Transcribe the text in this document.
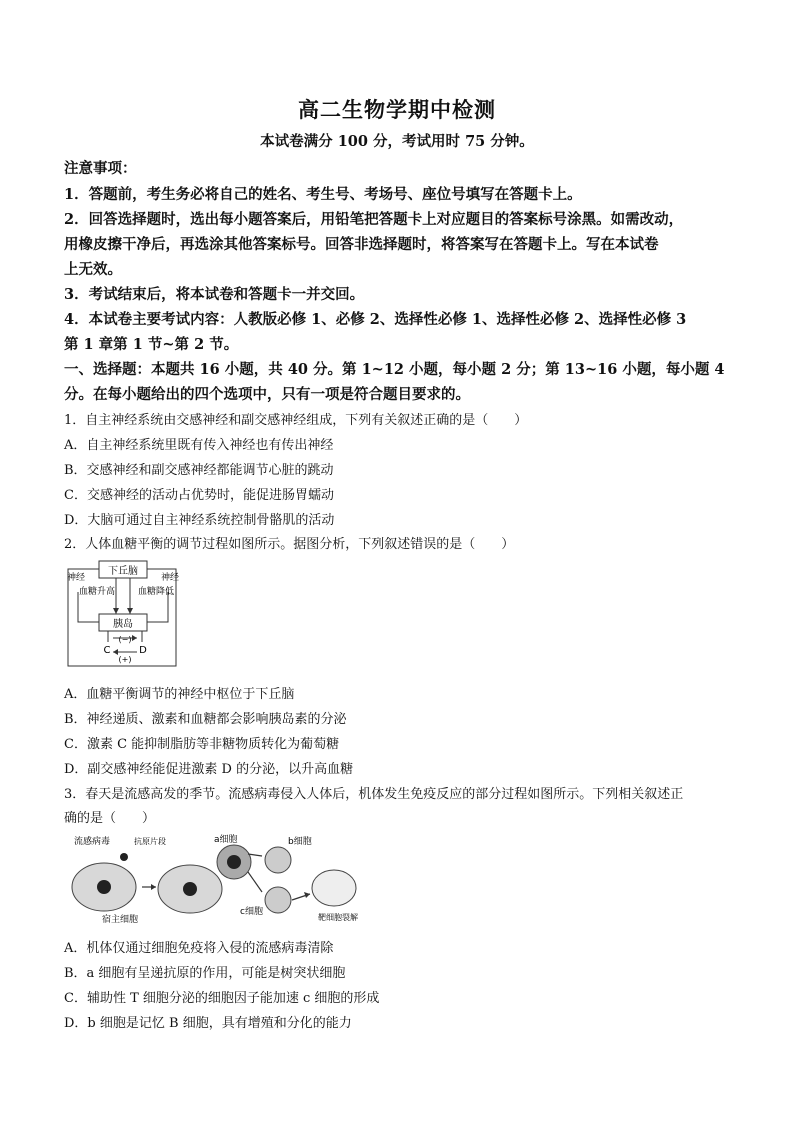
高二生物学期中检测
本试卷满分 100 分，考试用时 75 分钟。
注意事项：
1．答题前，考生务必将自己的姓名、考生号、考场号、座位号填写在答题卡上。
2．回答选择题时，选出每小题答案后，用铅笔把答题卡上对应题目的答案标号涂黑。如需改动，
用橡皮擦干净后，再选涂其他答案标号。回答非选择题时，将答案写在答题卡上。写在本试卷
上无效。
3．考试结束后，将本试卷和答题卡一并交回。
4．本试卷主要考试内容：人教版必修 1、必修 2、选择性必修 1、选择性必修 2、选择性必修 3
第 1 章第 1 节~第 2 节。
一、选择题：本题共 16 小题，共 40 分。第 1~12 小题，每小题 2 分；第 13~16 小题，每小题 4
分。在每小题给出的四个选项中，只有一项是符合题目要求的。
1．自主神经系统由交感神经和副交感神经组成，下列有关叙述正确的是（　　）
A．自主神经系统里既有传入神经也有传出神经
B．交感神经和副交感神经都能调节心脏的跳动
C．交感神经的活动占优势时，能促进肠胃蠕动
D．大脑可通过自主神经系统控制骨骼肌的活动
2．人体血糖平衡的调节过程如图所示。据图分析，下列叙述错误的是（　　）
下丘脑
胰岛
血糖升高	血糖降低
神经	神经
(−)
(+)
C	D
A．血糖平衡调节的神经中枢位于下丘脑
B．神经递质、激素和血糖都会影响胰岛素的分泌
C．激素 C 能抑制脂肪等非糖物质转化为葡萄糖
D．副交感神经能促进激素 D 的分泌，以升高血糖
3．春天是流感高发的季节。流感病毒侵入人体后，机体发生免疫反应的部分过程如图所示。下列相关叙述正
确的是（　　）
流感病毒	抗原片段
宿主细胞
a细胞	b细胞
c细胞
靶细胞裂解
A．机体仅通过细胞免疫将入侵的流感病毒清除
B．a 细胞有呈递抗原的作用，可能是树突状细胞
C．辅助性 T 细胞分泌的细胞因子能加速 c 细胞的形成
D．b 细胞是记忆 B 细胞，具有增殖和分化的能力
